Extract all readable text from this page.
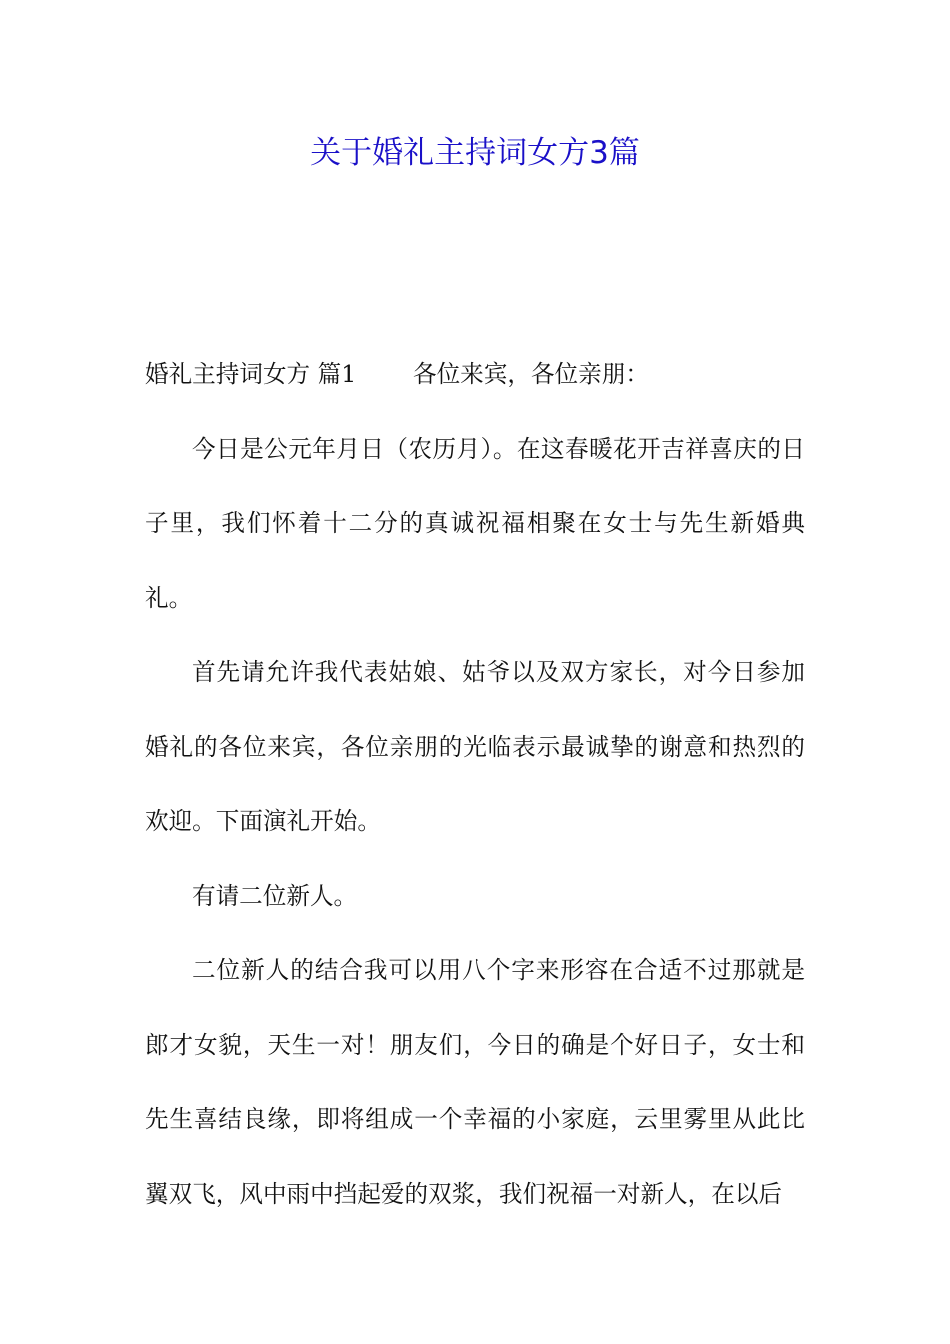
关于婚礼主持词女方3篇

婚礼主持词女方 篇1 各位来宾，各位亲朋：

今日是公元年月日（农历月）。在这春暖花开吉祥喜庆的日子里，我们怀着十二分的真诚祝福相聚在女士与先生新婚典礼。

首先请允许我代表姑娘、姑爷以及双方家长，对今日参加婚礼的各位来宾，各位亲朋的光临表示最诚挚的谢意和热烈的欢迎。下面演礼开始。

有请二位新人。

二位新人的结合我可以用八个字来形容在合适不过那就是郎才女貌，天生一对！朋友们，今日的确是个好日子，女士和先生喜结良缘，即将组成一个幸福的小家庭，云里雾里从此比翼双飞，风中雨中挡起爱的双浆，我们祝福一对新人，在以后
